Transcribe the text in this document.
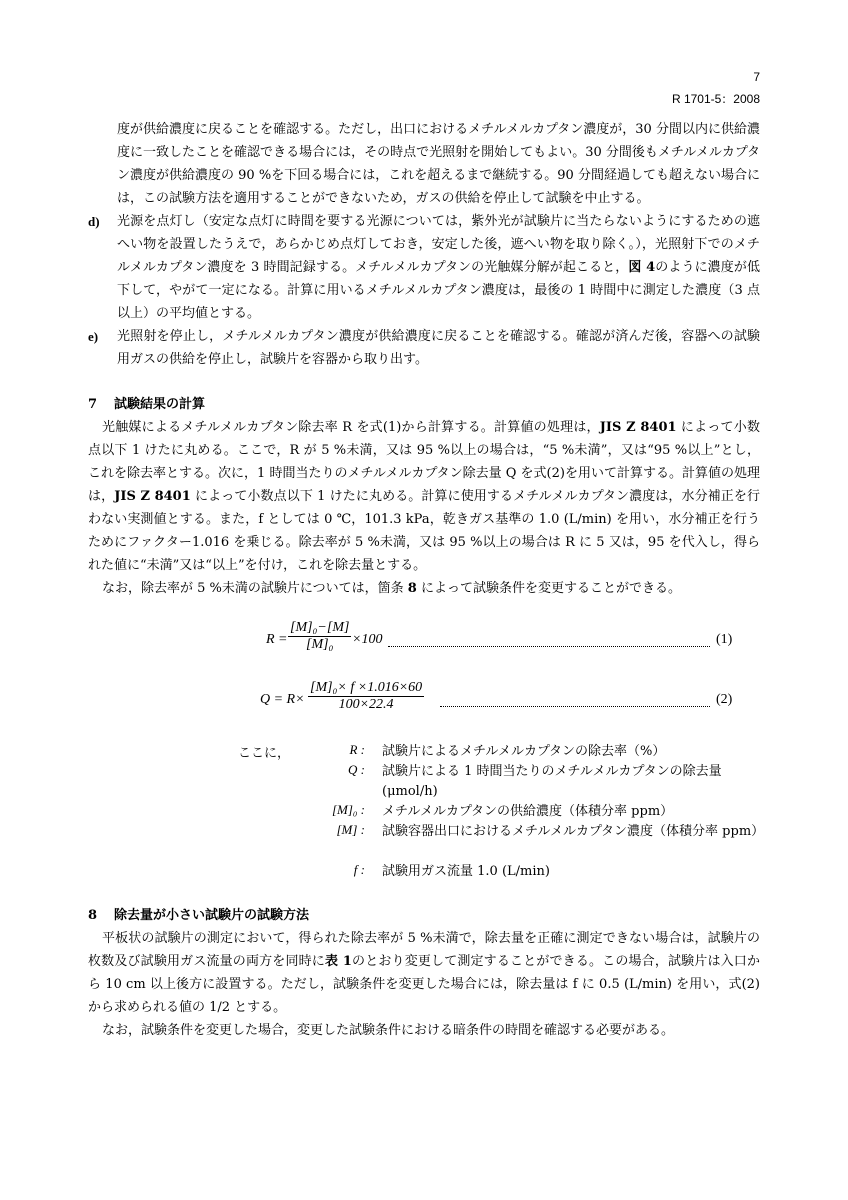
7
R 1701-5：2008

度が供給濃度に戻ることを確認する。ただし，出口におけるメチルメルカプタン濃度が，30 分間以内に供給濃度に一致したことを確認できる場合には，その時点で光照射を開始してもよい。30 分間後もメチルメルカプタン濃度が供給濃度の 90 %を下回る場合には，これを超えるまで継続する。90 分間経過しても超えない場合には，この試験方法を適用することができないため，ガスの供給を停止して試験を中止する。

d) 光源を点灯し（安定な点灯に時間を要する光源については，紫外光が試験片に当たらないようにするための遮へい物を設置したうえで，あらかじめ点灯しておき，安定した後，遮へい物を取り除く。），光照射下でのメチルメルカプタン濃度を 3 時間記録する。メチルメルカプタンの光触媒分解が起こると，図 4のように濃度が低下して，やがて一定になる。計算に用いるメチルメルカプタン濃度は，最後の 1 時間中に測定した濃度（3 点以上）の平均値とする。
e) 光照射を停止し，メチルメルカプタン濃度が供給濃度に戻ることを確認する。確認が済んだ後，容器への試験用ガスの供給を停止し，試験片を容器から取り出す。
7 試験結果の計算

光触媒によるメチルメルカプタン除去率 R を式(1)から計算する。計算値の処理は，JIS Z 8401 によって小数点以下 1 けたに丸める。ここで，R が 5 %未満，又は 95 %以上の場合は，“5 %未満”，又は“95 %以上”とし，これを除去率とする。次に，1 時間当たりのメチルメルカプタン除去量 Q を式(2)を用いて計算する。計算値の処理は，JIS Z 8401 によって小数点以下 1 けたに丸める。計算に使用するメチルメルカプタン濃度は，水分補正を行わない実測値とする。また，f としては 0 ℃，101.3 kPa，乾きガス基準の 1.0 (L/min) を用い，水分補正を行うためにファクター1.016 を乗じる。除去率が 5 %未満，又は 95 %以上の場合は R に 5 又は，95 を代入し，得られた値に“未満”又は“以上”を付け，これを除去量とする。

なお，除去率が 5 %未満の試験片については，箇条 8 によって試験条件を変更することができる。

$R = \frac{\text{[M]₀−[M]}}{\text{[M]₀}} \times 100$	(1)
$Q = R\times \frac{\text{[M]₀× f ×1.016×60}}{100\times 22.4}$	(2)
ここに，	R : 試験片によるメチルメルカプタンの除去率（%）
Q : 試験片による 1 時間当たりのメチルメルカプタンの除去量 (μmol/h)
[M]₀ : メチルメルカプタンの供給濃度（体積分率 ppm）
[M] : 試験容器出口におけるメチルメルカプタン濃度（体積分率 ppm）
f : 試験用ガス流量 1.0 (L/min)
8 除去量が小さい試験片の試験方法

平板状の試験片の測定において，得られた除去率が 5 %未満で，除去量を正確に測定できない場合は，試験片の枚数及び試験用ガス流量の両方を同時に表 1のとおり変更して測定することができる。この場合，試験片は入口から 10 cm 以上後方に設置する。ただし，試験条件を変更した場合には，除去量は f に 0.5 (L/min) を用い，式(2)から求められる値の 1/2 とする。

なお，試験条件を変更した場合，変更した試験条件における暗条件の時間を確認する必要がある。
